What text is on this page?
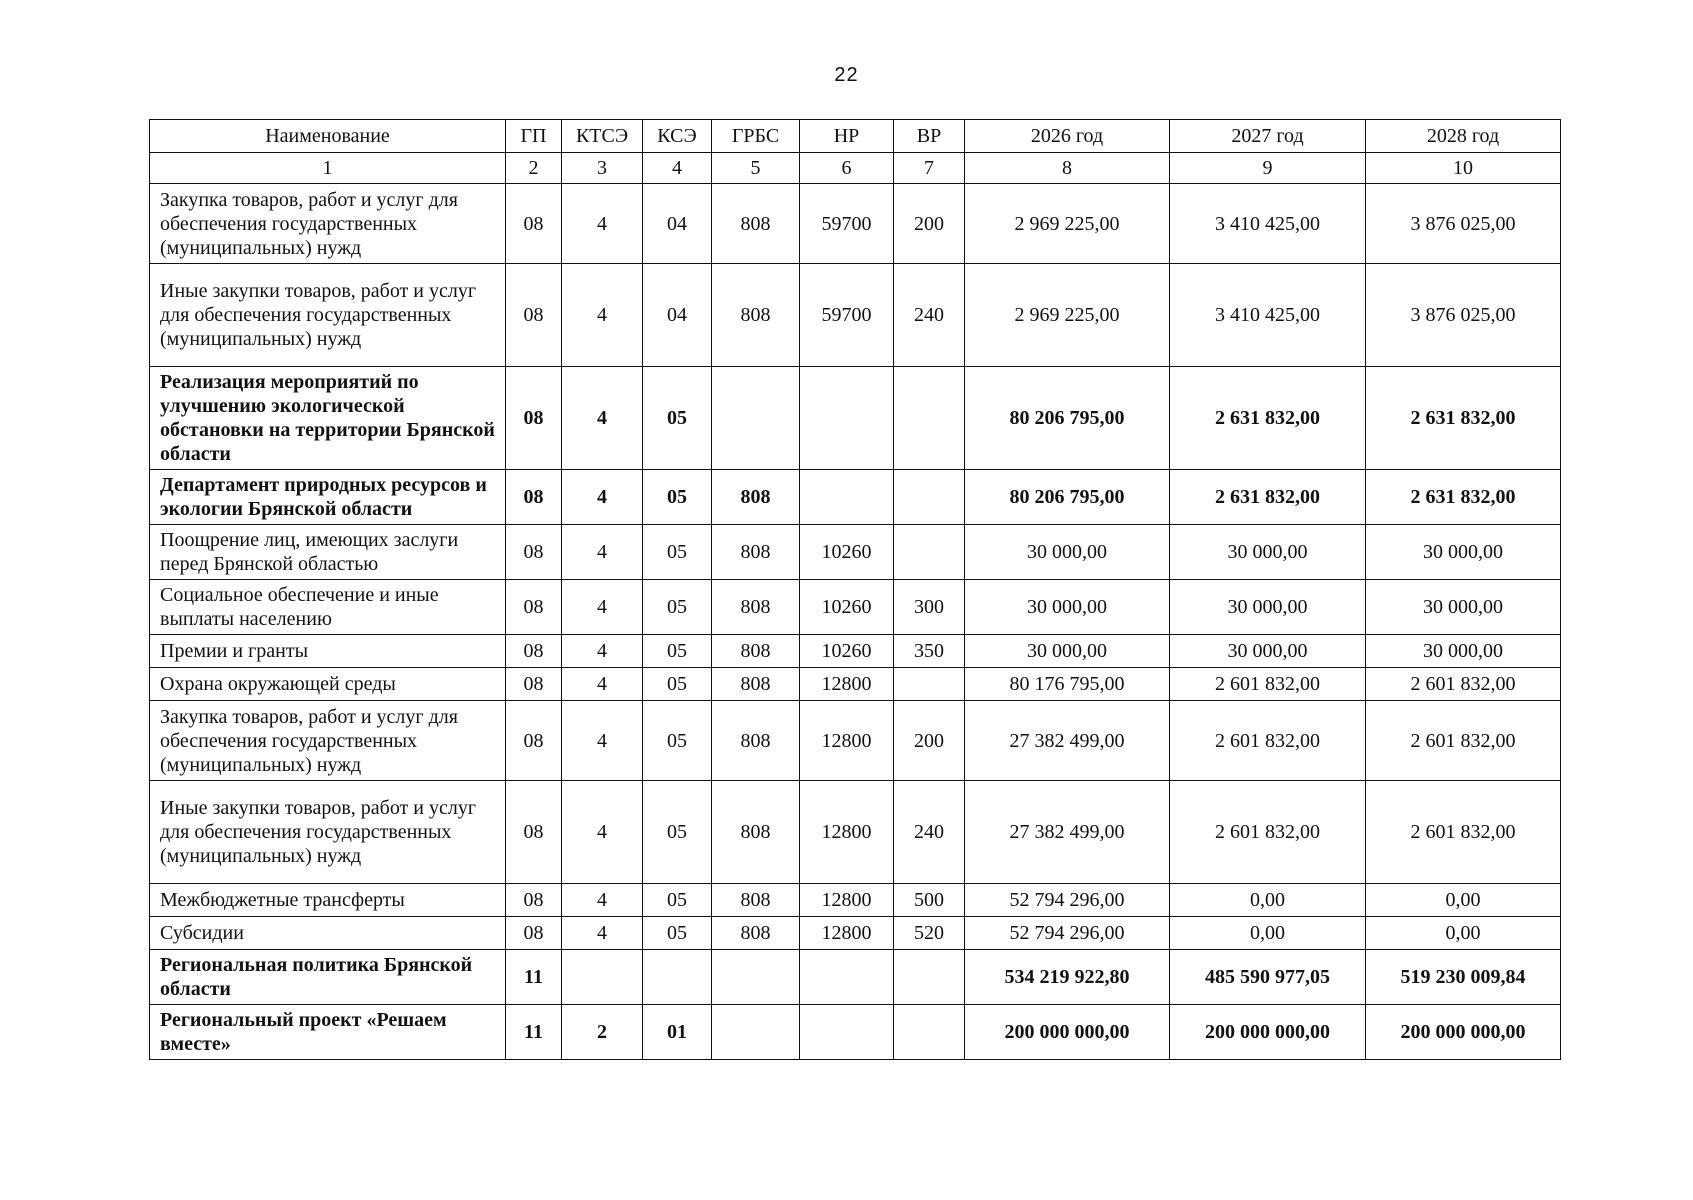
22
Наименование	ГП	КТСЭ	КСЭ	ГРБС	НР	ВР	2026 год	2027 год	2028 год
1	2	3	4	5	6	7	8	9	10
Закупка товаров, работ и услуг для обеспечения государственных (муниципальных) нужд	08	4	04	808	59700	200	2 969 225,00	3 410 425,00	3 876 025,00
Иные закупки товаров, работ и услуг для обеспечения государственных (муниципальных) нужд	08	4	04	808	59700	240	2 969 225,00	3 410 425,00	3 876 025,00
Реализация мероприятий по улучшению экологической обстановки на территории Брянской области	08	4	05				80 206 795,00	2 631 832,00	2 631 832,00
Департамент природных ресурсов и экологии Брянской области	08	4	05	808			80 206 795,00	2 631 832,00	2 631 832,00
Поощрение лиц, имеющих заслуги перед Брянской областью	08	4	05	808	10260		30 000,00	30 000,00	30 000,00
Социальное обеспечение и иные выплаты населению	08	4	05	808	10260	300	30 000,00	30 000,00	30 000,00
Премии и гранты	08	4	05	808	10260	350	30 000,00	30 000,00	30 000,00
Охрана окружающей среды	08	4	05	808	12800		80 176 795,00	2 601 832,00	2 601 832,00
Закупка товаров, работ и услуг для обеспечения государственных (муниципальных) нужд	08	4	05	808	12800	200	27 382 499,00	2 601 832,00	2 601 832,00
Иные закупки товаров, работ и услуг для обеспечения государственных (муниципальных) нужд	08	4	05	808	12800	240	27 382 499,00	2 601 832,00	2 601 832,00
Межбюджетные трансферты	08	4	05	808	12800	500	52 794 296,00	0,00	0,00
Субсидии	08	4	05	808	12800	520	52 794 296,00	0,00	0,00
Региональная политика Брянской области	11						534 219 922,80	485 590 977,05	519 230 009,84
Региональный проект «Решаем вместе»	11	2	01				200 000 000,00	200 000 000,00	200 000 000,00
